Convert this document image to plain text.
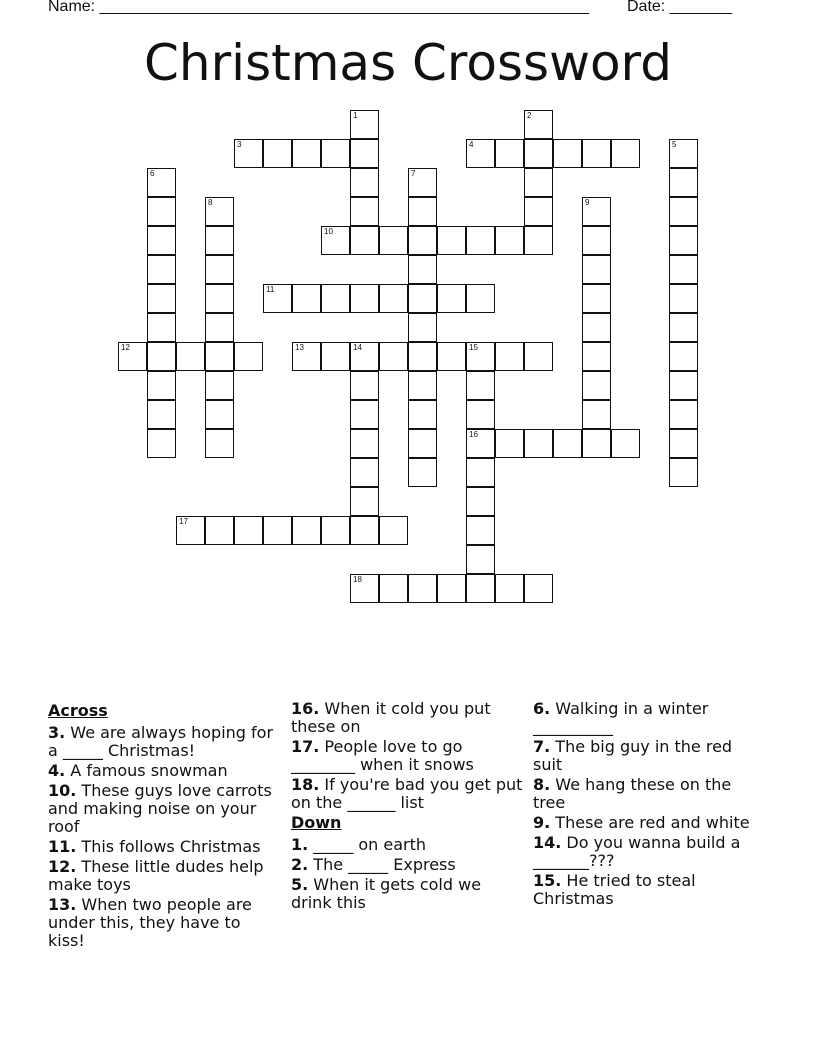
Name: _______________________________________________________ Date: _______
Christmas Crossword
1	2
3	4	5
6	7
8	9
10
11
12	13	14	15
16
17
18
Across
3. We are always hoping for a _____ Christmas!
4. A famous snowman
10. These guys love carrots and making noise on your roof
11. This follows Christmas
12. These little dudes help make toys
13. When two people are under this, they have to kiss!
16. When it cold you put these on
17. People love to go ________ when it snows
18. If you're bad you get put on the ______ list
Down
1. _____ on earth
2. The _____ Express
5. When it gets cold we drink this
6. Walking in a winter __________
7. The big guy in the red suit
8. We hang these on the tree
9. These are red and white
14. Do you wanna build a _______???
15. He tried to steal Christmas
